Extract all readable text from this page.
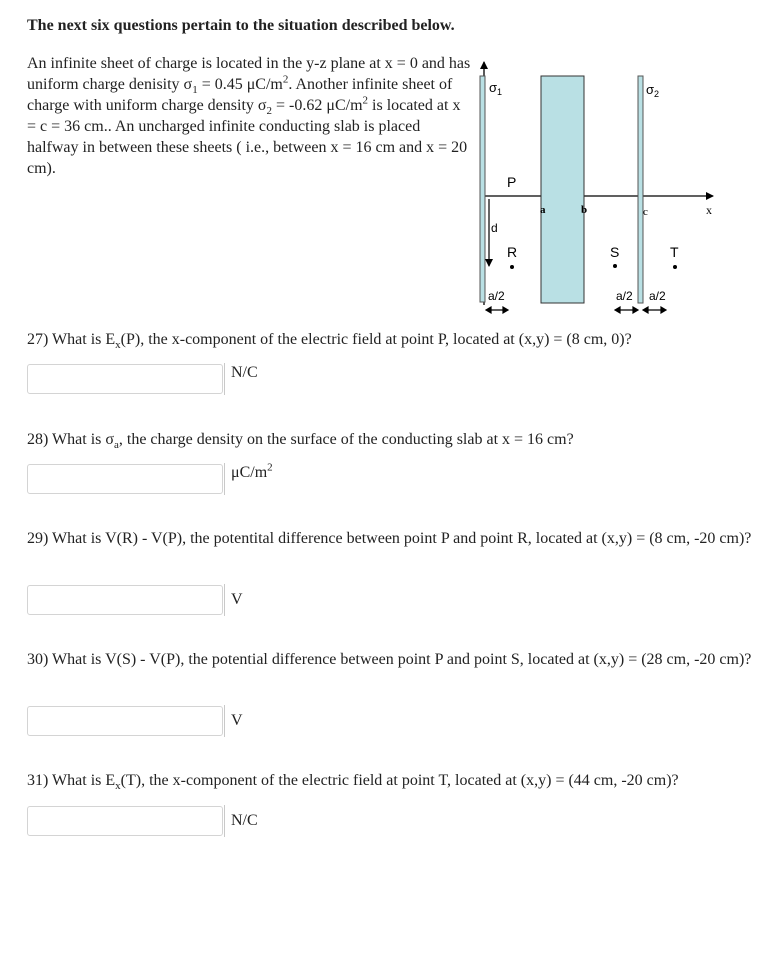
The next six questions pertain to the situation described below.

An infinite sheet of charge is located in the y-z plane at x = 0 and has uniform charge denisity $\sigma_1 = 0.45$ $\mu C/m^2$. Another infinite sheet of charge with uniform charge density $\sigma_2 = -0.62$ $\mu C/m^2$ is located at x = c = 36 cm.. An uncharged infinite conducting slab is placed halfway in between these sheets ( i.e., between x = 16 cm and x = 20 cm).

x
$\sigma_1$
a	b
$\sigma_2$
c
P
R	S	T
d
a/2	a/2 a/2

27) What is $E_x(P)$, the x-component of the electric field at point P, located at (x,y) = (8 cm, 0)?

N/C

28) What is $\sigma_a$, the charge density on the surface of the conducting slab at x = 16 cm?

$\mu C/m^2$

29) What is V(R) - V(P), the potentital difference between point P and point R, located at (x,y) = (8 cm, -20 cm)?

V

30) What is V(S) - V(P), the potential difference between point P and point S, located at (x,y) = (28 cm, -20 cm)?

V

31) What is $E_x(T)$, the x-component of the electric field at point T, located at (x,y) = (44 cm, -20 cm)?

N/C
